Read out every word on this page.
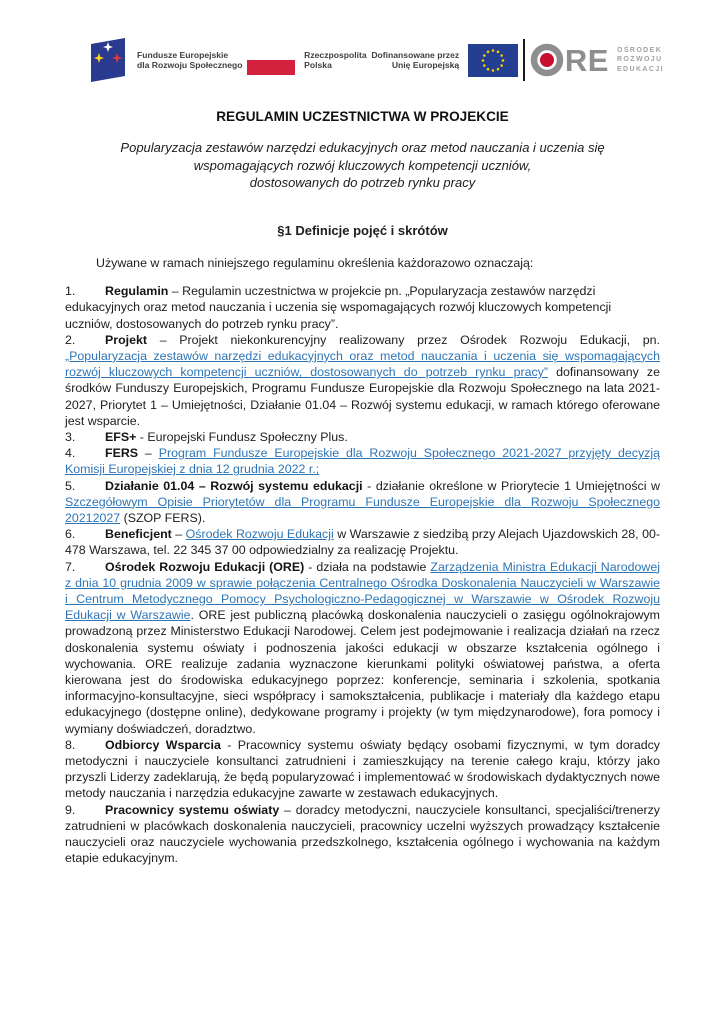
Fundusze Europejskie
dla Rozwoju Społecznego
Rzeczpospolita
Polska
Dofinansowane przez
Unię Europejską	RE OŚRODEK
ROZWOJU
EDUKACJI
REGULAMIN UCZESTNICTWA W PROJEKCIE
Popularyzacja zestawów narzędzi edukacyjnych oraz metod nauczania i uczenia się
wspomagających rozwój kluczowych kompetencji uczniów,
dostosowanych do potrzeb rynku pracy
§1 Definicje pojęć i skrótów

Używane w ramach niniejszego regulaminu określenia każdorazowo oznaczają:

1. Regulamin – Regulamin uczestnictwa w projekcie pn. „Popularyzacja zestawów narzędzi edukacyjnych oraz metod nauczania i uczenia się wspomagających rozwój kluczowych kompetencji uczniów, dostosowanych do potrzeb rynku pracy”.

2. Projekt – Projekt niekonkurencyjny realizowany przez Ośrodek Rozwoju Edukacji, pn. „Popularyzacja zestawów narzędzi edukacyjnych oraz metod nauczania i uczenia się wspomagających rozwój kluczowych kompetencji uczniów, dostosowanych do potrzeb rynku pracy” dofinansowany ze środków Funduszy Europejskich, Programu Fundusze Europejskie dla Rozwoju Społecznego na lata 2021-2027, Priorytet 1 – Umiejętności, Działanie 01.04 – Rozwój systemu edukacji, w ramach którego oferowane jest wsparcie.

3. EFS+ - Europejski Fundusz Społeczny Plus.

4. FERS – Program Fundusze Europejskie dla Rozwoju Społecznego 2021-2027 przyjęty decyzją Komisji Europejskiej z dnia 12 grudnia 2022 r.;

5. Działanie 01.04 – Rozwój systemu edukacji - działanie określone w Priorytecie 1 Umiejętności w Szczegółowym Opisie Priorytetów dla Programu Fundusze Europejskie dla Rozwoju Społecznego 20212027 (SZOP FERS).

6. Beneficjent – Ośrodek Rozwoju Edukacji w Warszawie z siedzibą przy Alejach Ujazdowskich 28, 00-478 Warszawa, tel. 22 345 37 00 odpowiedzialny za realizację Projektu.

7. Ośrodek Rozwoju Edukacji (ORE) - działa na podstawie Zarządzenia Ministra Edukacji Narodowej z dnia 10 grudnia 2009 w sprawie połączenia Centralnego Ośrodka Doskonalenia Nauczycieli w Warszawie i Centrum Metodycznego Pomocy Psychologiczno-Pedagogicznej w Warszawie w Ośrodek Rozwoju Edukacji w Warszawie. ORE jest publiczną placówką doskonalenia nauczycieli o zasięgu ogólnokrajowym prowadzoną przez Ministerstwo Edukacji Narodowej. Celem jest podejmowanie i realizacja działań na rzecz doskonalenia systemu oświaty i podnoszenia jakości edukacji w obszarze kształcenia ogólnego i wychowania. ORE realizuje zadania wyznaczone kierunkami polityki oświatowej państwa, a oferta kierowana jest do środowiska edukacyjnego poprzez: konferencje, seminaria i szkolenia, spotkania informacyjno-konsultacyjne, sieci współpracy i samokształcenia, publikacje i materiały dla każdego etapu edukacyjnego (dostępne online), dedykowane programy i projekty (w tym międzynarodowe), fora pomocy i wymiany doświadczeń, doradztwo.

8. Odbiorcy Wsparcia - Pracownicy systemu oświaty będący osobami fizycznymi, w tym doradcy metodyczni i nauczyciele konsultanci zatrudnieni i zamieszkujący na terenie całego kraju, którzy jako przyszli Liderzy zadeklarują, że będą popularyzować i implementować w środowiskach dydaktycznych nowe metody nauczania i narzędzia edukacyjne zawarte w zestawach edukacyjnych.

9. Pracownicy systemu oświaty – doradcy metodyczni, nauczyciele konsultanci, specjaliści/trenerzy zatrudnieni w placówkach doskonalenia nauczycieli, pracownicy uczelni wyższych prowadzący kształcenie nauczycieli oraz nauczyciele wychowania przedszkolnego, kształcenia ogólnego i wychowania na każdym etapie edukacyjnym.
